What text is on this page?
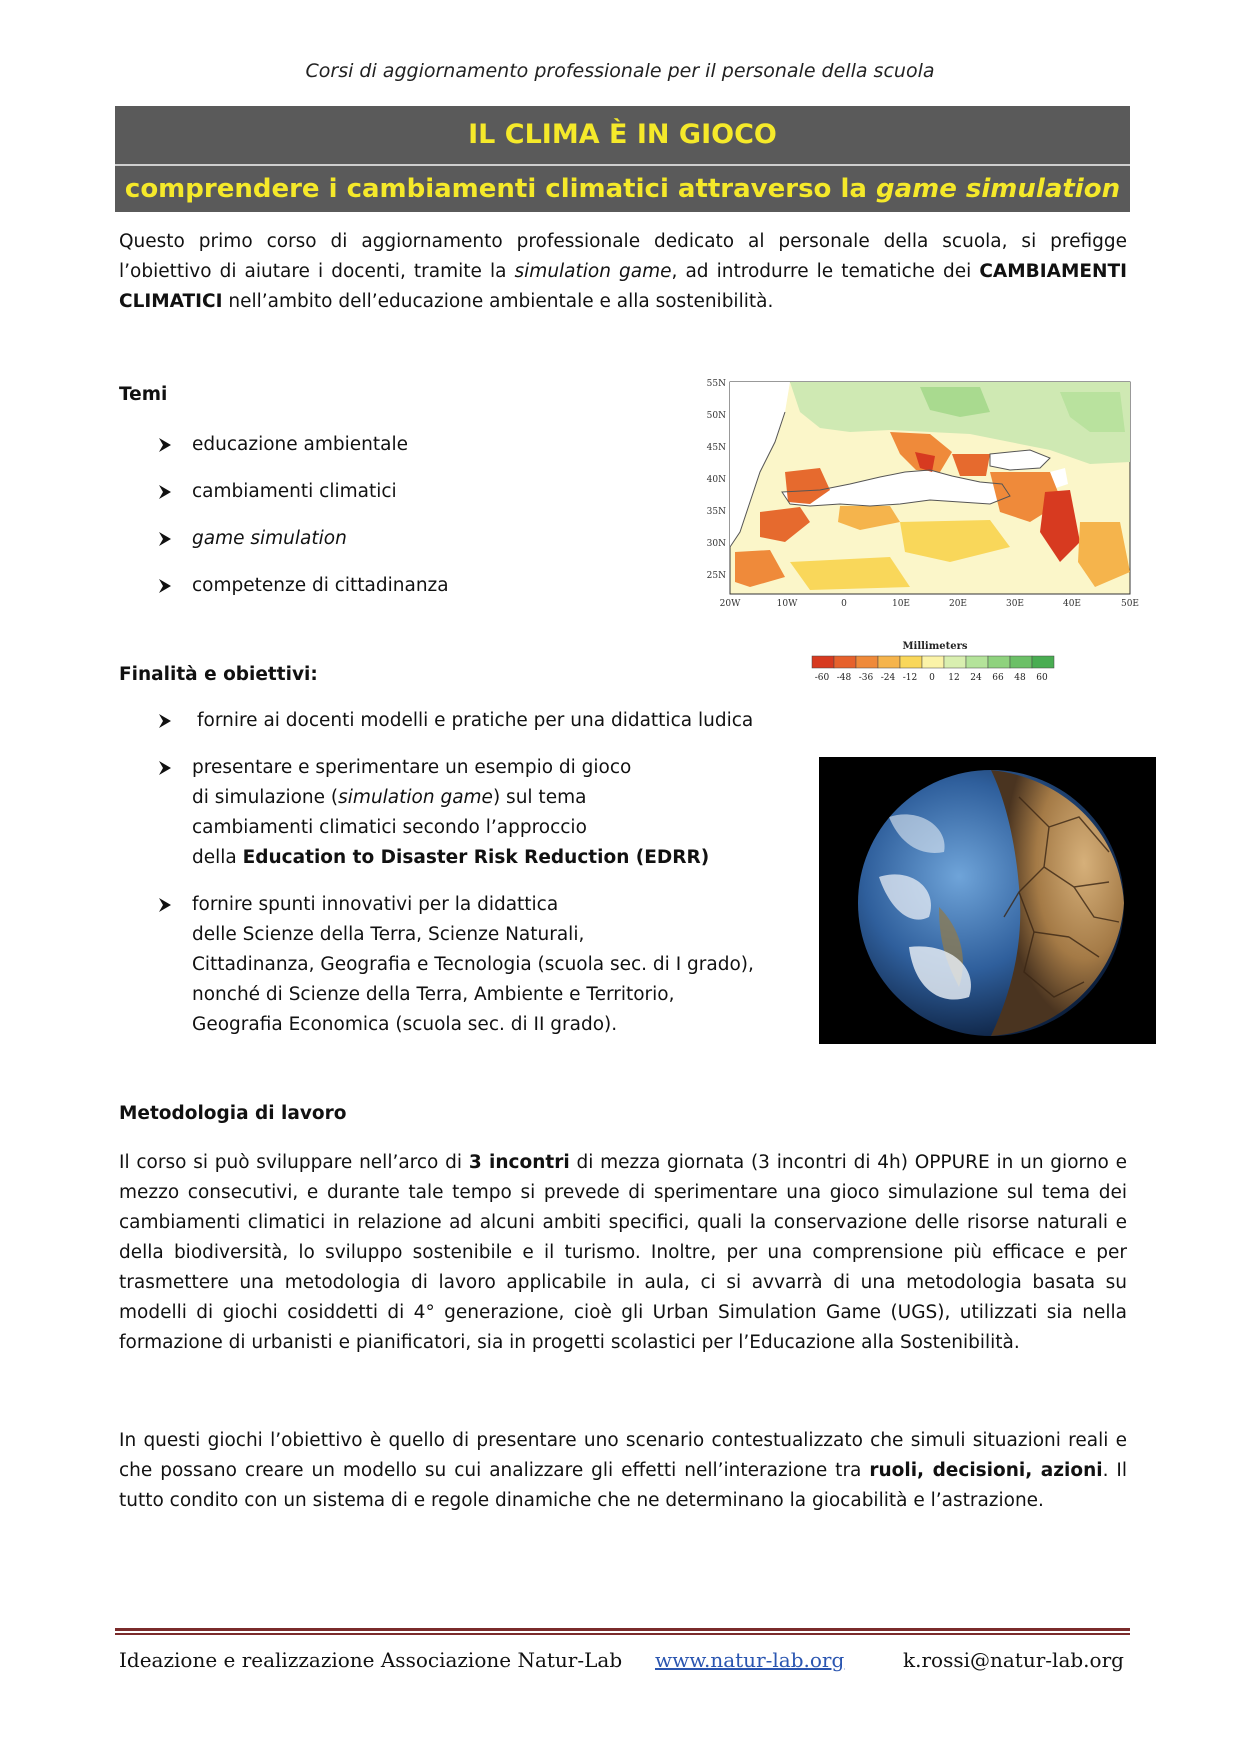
Corsi di aggiornamento professionale per il personale della scuola
IL CLIMA È IN GIOCO
comprendere i cambiamenti climatici attraverso la game simulation
Questo primo corso di aggiornamento professionale dedicato al personale della scuola, si prefigge l’obiettivo di aiutare i docenti, tramite la simulation game, ad introdurre le tematiche dei CAMBIAMENTI CLIMATICI nell’ambito dell’educazione ambientale e alla sostenibilità.
Temi
educazione ambientale
cambiamenti climatici
game simulation
competenze di cittadinanza
55N
50N
45N
40N
35N
30N
25N
20W	10W	0	10E	20E	30E	40E	50E
Millimeters
-60 -48 -36 -24 -12 0 12 24 66 48 60
Finalità e obiettivi:
fornire ai docenti modelli e pratiche per una didattica ludica
presentare e sperimentare un esempio di gioco
di simulazione (simulation game) sul tema
cambiamenti climatici secondo l’approccio
della Education to Disaster Risk Reduction (EDRR)
fornire spunti innovativi per la didattica
delle Scienze della Terra, Scienze Naturali,
Cittadinanza, Geografia e Tecnologia (scuola sec. di I grado),
nonché di Scienze della Terra, Ambiente e Territorio,
Geografia Economica (scuola sec. di II grado).
Metodologia di lavoro
Il corso si può sviluppare nell’arco di 3 incontri di mezza giornata (3 incontri di 4h) OPPURE in un giorno e mezzo consecutivi, e durante tale tempo si prevede di sperimentare una gioco simulazione sul tema dei cambiamenti climatici in relazione ad alcuni ambiti specifici, quali la conservazione delle risorse naturali e della biodiversità, lo sviluppo sostenibile e il turismo. Inoltre, per una comprensione più efficace e per trasmettere una metodologia di lavoro applicabile in aula, ci si avvarrà di una metodologia basata su modelli di giochi cosiddetti di 4° generazione, cioè gli Urban Simulation Game (UGS), utilizzati sia nella formazione di urbanisti e pianificatori, sia in progetti scolastici per l’Educazione alla Sostenibilità.
In questi giochi l’obiettivo è quello di presentare uno scenario contestualizzato che simuli situazioni reali e che possano creare un modello su cui analizzare gli effetti nell’interazione tra ruoli, decisioni, azioni. Il tutto condito con un sistema di e regole dinamiche che ne determinano la giocabilità e l’astrazione.
Ideazione e realizzazione Associazione Natur-Lab www.natur-lab.org	k.rossi@natur-lab.org
